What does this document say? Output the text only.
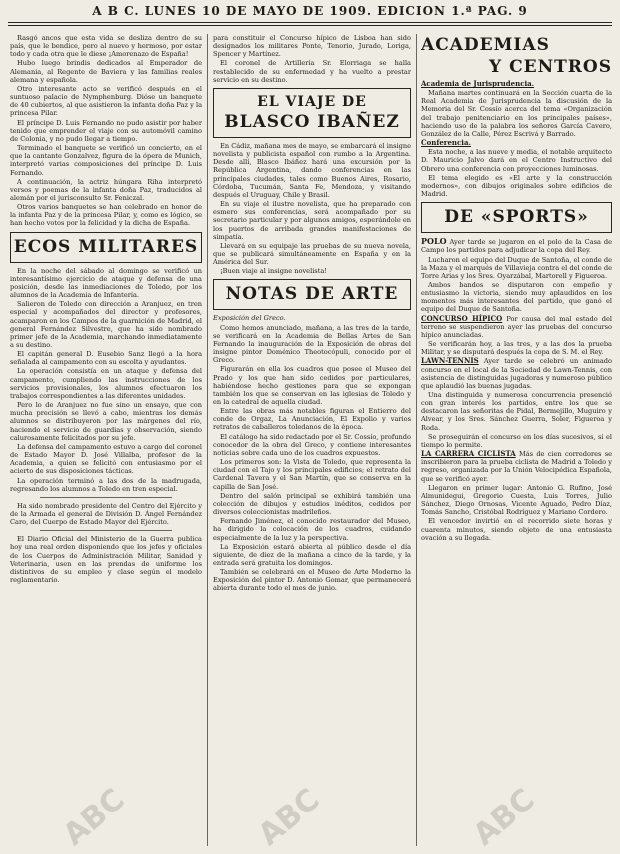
A B C. LUNES 10 DE MAYO DE 1909. EDICION 1.ª PAG. 9

Rasgó ancos que esta vida se desliza dentro de su país, que le bendice, pero al nuevo y hermoso, por estar todo y cada otra que le diese ¡Amorenazo de España!

Hubo luego brindis dedicados al Emperador de Alemania, al Regente de Baviera y las familias reales alemana y española.

Otro interesante acto se verificó después en el suntuoso palacio de Nymphenburg. Dióse un banquete de 40 cubiertos, al que asistieron la infanta doña Paz y la princesa Pilar.

El príncipe D. Luis Fernando no pudo asistir por haber tenido que emprender el viaje con su automóvil camino de Colonia, y no pudo llegar a tiempo.

Terminado el banquete se verificó un concierto, en el que la cantante Gonzalvez, figura de la ópera de Munich, interpretó varias composiciones del príncipe D. Luis Fernando.

A continuación, la actriz húngara Riha interpretó versos y poemas de la infanta doña Paz, traducidos al alemán por el jurisconsulto Sr. Feniczal.

Otros varios banquetes se han celebrado en honor de la infanta Paz y de la princesa Pilar, y, como es lógico, se han hecho votos por la felicidad y la dicha de España.

ECOS MILITARES

En la noche del sábado al domingo se verificó un interesantísimo ejercicio de ataque y defensa de una posición, desde las inmediaciones de Toledo, por los alumnos de la Academia de Infantería.

Salieron de Toledo con dirección a Aranjuez, en tren especial y acompañados del director y profesores, acamparon en los Campos de la guarnición de Madrid, el general Fernández Silvestre, que ha sido nombrado primer jefe de la Academia, marchando inmediatamente a su destino.

El capitán general D. Eusebio Sanz llegó a la hora señalada al campamento con su escolta y ayudantes.

La operación consistía en un ataque y defensa del campamento, cumpliendo las instrucciones de los servicios provisionales, los alumnos efectuaron los trabajos correspondientes a las diferentes unidades.

Pero lo de Aranjuez no fue sino un ensayo, que con mucha precisión se llevó a cabo, mientras los demás alumnos se distribuyeron por las márgenes del río, haciendo el servicio de guardias y observación, siendo calurosamente felicitados por su jefe.

La defensa del campamento estuvo a cargo del coronel de Estado Mayor D. José Villalba, profesor de la Academia, a quien se felicitó con entusiasmo por el acierto de sus disposiciones tácticas.

La operación terminó a las dos de la madrugada, regresando los alumnos a Toledo en tren especial.

Ha sido nombrado presidente del Centro del Ejército y de la Armada el general de División D. Ángel Fernández Caro, del Cuerpo de Estado Mayor del Ejército.

El Diario Oficial del Ministerio de la Guerra publica hoy una real orden disponiendo que los jefes y oficiales de los Cuerpos de Administración Militar, Sanidad y Veterinaria, usen en las prendas de uniforme los distintivos de su empleo y clase según el modelo reglamentario.

para constituir el Concurso hípico de Lisboa han sido designados los militares Ponte, Tenorio, Jurado, Loriga, Spencer y Martínez.

El coronel de Artillería Sr. Elorriaga se halla restablecido de su enfermedad y ha vuelto a prestar servicio en su destino.

EL VIAJE DE
BLASCO IBAÑEZ

En Cádiz, mañana mes de mayo, se embarcará el insigne novelista y publicista español con rumbo a la Argentina. Desde allí, Blasco Ibáñez hará una excursión por la República Argentina, dando conferencias en las principales ciudades, tales como Buenos Aires, Rosario, Córdoba, Tucumán, Santa Fe, Mendoza, y visitando después el Uruguay, Chile y Brasil.

En su viaje el ilustre novelista, que ha preparado con esmero sus conferencias, será acompañado por su secretario particular y por algunos amigos, esperándole en los puertos de arribada grandes manifestaciones de simpatía.

Llevará en su equipaje las pruebas de su nueva novela, que se publicará simultáneamente en España y en la América del Sur.

¡Buen viaje al insigne novelista!

NOTAS DE ARTE

Exposición del Greco.

Como hemos anunciado, mañana, a las tres de la tarde, se verificará en la Academia de Bellas Artes de San Fernando la inauguración de la Exposición de obras del insigne pintor Doménico Theotocópuli, conocido por el Greco.

Figurarán en ella los cuadros que posee el Museo del Prado y los que han sido cedidos por particulares, habiéndose hecho gestiones para que se expongan también los que se conservan en las iglesias de Toledo y en la catedral de aquella ciudad.

Entre las obras más notables figuran el Entierro del conde de Orgaz, La Anunciación, El Expolio y varios retratos de caballeros toledanos de la época.

El catálogo ha sido redactado por el Sr. Cossío, profundo conocedor de la obra del Greco, y contiene interesantes noticias sobre cada uno de los cuadros expuestos.

Los primeros son: la Vista de Toledo, que representa la ciudad con el Tajo y los principales edificios; el retrato del Cardenal Tavera y el San Martín, que se conserva en la capilla de San José.

Dentro del salón principal se exhibirá también una colección de dibujos y estudios inéditos, cedidos por diversos coleccionistas madrileños.

Fernando Jiménez, el conocido restaurador del Museo, ha dirigido la colocación de los cuadros, cuidando especialmente de la luz y la perspectiva.

La Exposición estará abierta al público desde el día siguiente, de diez de la mañana a cinco de la tarde, y la entrada será gratuita los domingos.

También se celebrará en el Museo de Arte Moderno la Exposición del pintor D. Antonio Gomar, que permanecerá abierta durante todo el mes de junio.

ACADEMIAS
Y CENTROS

Academia de Jurisprudencia.

Mañana martes continuará en la Sección cuarta de la Real Academia de Jurisprudencia la discusión de la Memoria del Sr. Cossío acerca del tema «Organización del trabajo penitenciario en los principales países», haciendo uso de la palabra los señores García Cavero, González de la Calle, Pérez Escrivá y Barrado.

Conferencia.

Esta noche, a las nueve y media, el notable arquitecto D. Mauricio Jalvo dará en el Centro Instructivo del Obrero una conferencia con proyecciones luminosas.

El tema elegido es «El arte y la construcción modernos», con dibujos originales sobre edificios de Madrid.

DE «SPORTS»

POLO Ayer tarde se jugaron en el polo de la Casa de Campo los partidos para adjudicar la copa del Rey.

Lucharon el equipo del Duque de Santoña, el conde de la Maza y el marqués de Villavieja contra el del conde de Torre Arias y los Sres. Oyarzábal, Martorell y Figueroa.

Ambos bandos se disputaron con empeño y entusiasmo la victoria, siendo muy aplaudidos en los momentos más interesantes del partido, que ganó el equipo del Duque de Santoña.

CONCURSO HÍPICO Por causa del mal estado del terreno se suspendieron ayer las pruebas del concurso hípico anunciadas.

Se verificarán hoy, a las tres, y a las dos la prueba Militar, y se disputará después la copa de S. M. el Rey.

LAWN-TENNIS Ayer tarde se celebró un animado concurso en el local de la Sociedad de Lawn-Tennis, con asistencia de distinguidas jugadoras y numeroso público que aplaudió las buenas jugadas.

Una distinguida y numerosa concurrencia presenció con gran interés los partidos, entre los que se destacaron las señoritas de Pidal, Bermejillo, Muguiro y Alvear, y los Sres. Sánchez Guerra, Soler, Figueroa y Roda.

Se proseguirán el concurso en los días sucesivos, si el tiempo lo permite.

LA CARRERA CICLISTA Más de cien corredores se inscribieron para la prueba ciclista de Madrid a Toledo y regreso, organizada por la Unión Velocipédica Española, que se verificó ayer.

Llegaron en primer lugar: Antonio G. Rufino, José Almunidegui, Gregorio Cuesta, Luis Torres, Julio Sánchez, Diego Ornosas, Vicente Aguado, Pedro Díaz, Tomás Sancho, Cristóbal Rodríguez y Mariano Cordero.

El vencedor invirtió en el recorrido siete horas y cuarenta minutos, siendo objeto de una entusiasta ovación a su llegada.

ABC	ABC	ABC
